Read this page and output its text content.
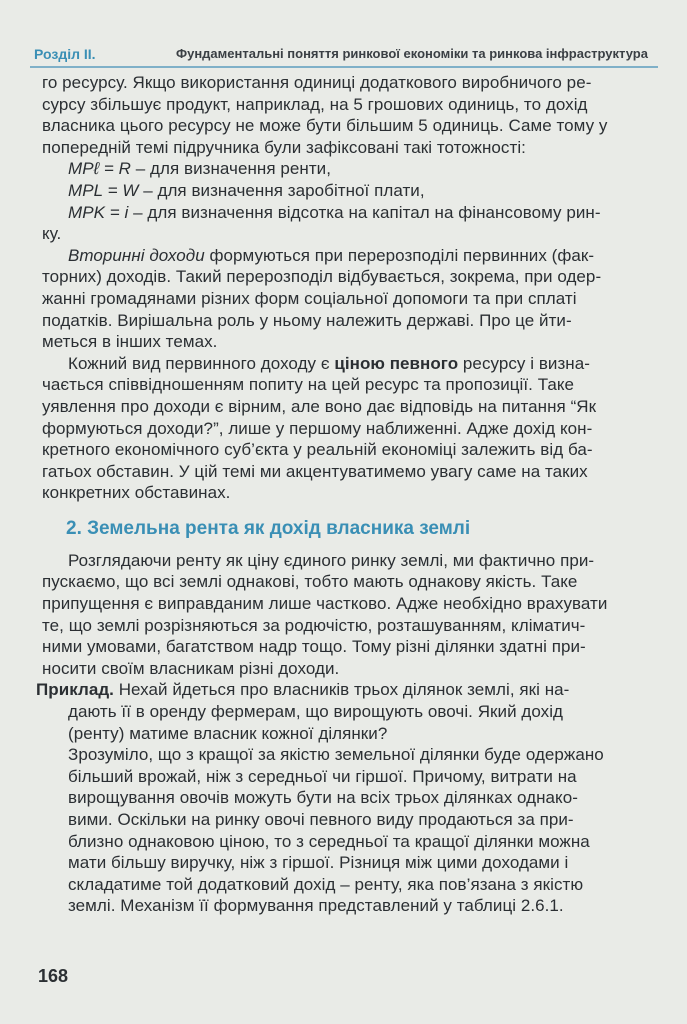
Розділ II.	Фундаментальні поняття ринкової економіки та ринкова інфраструктура
го ресурсу. Якщо використання одиниці додаткового виробничого ре-
сурсу збільшує продукт, наприклад, на 5 грошових одиниць, то дохід
власника цього ресурсу не може бути більшим 5 одиниць. Саме тому у
попередній темі підручника були зафіксовані такі тотожності:
MPℓ = R – для визначення ренти,
MPL = W – для визначення заробітної плати,
MPK = i – для визначення відсотка на капітал на фінансовому рин-
ку.
Вторинні доходи формуються при перерозподілі первинних (фак-
торних) доходів. Такий перерозподіл відбувається, зокрема, при одер-
жанні громадянами різних форм соціальної допомоги та при сплаті
податків. Вирішальна роль у ньому належить державі. Про це йти-
меться в інших темах.
Кожний вид первинного доходу є ціною певного ресурсу і визна-
чається співвідношенням попиту на цей ресурс та пропозиції. Таке
уявлення про доходи є вірним, але воно дає відповідь на питання “Як
формуються доходи?”, лише у першому наближенні. Адже дохід кон-
кретного економічного суб’єкта у реальній економіці залежить від ба-
гатьох обставин. У цій темі ми акцентуватимемо увагу саме на таких
конкретних обставинах.
2. Земельна рента як дохід власника землі
Розглядаючи ренту як ціну єдиного ринку землі, ми фактично при-
пускаємо, що всі землі однакові, тобто мають однакову якість. Таке
припущення є виправданим лише частково. Адже необхідно врахувати
те, що землі розрізняються за родючістю, розташуванням, кліматич-
ними умовами, багатством надр тощо. Тому різні ділянки здатні при-
носити своїм власникам різні доходи.
Приклад. Нехай йдеться про власників трьох ділянок землі, які на-
дають її в оренду фермерам, що вирощують овочі. Який дохід
(ренту) матиме власник кожної ділянки?
Зрозуміло, що з кращої за якістю земельної ділянки буде одержано
більший врожай, ніж з середньої чи гіршої. Причому, витрати на
вирощування овочів можуть бути на всіх трьох ділянках однако-
вими. Оскільки на ринку овочі певного виду продаються за при-
близно однаковою ціною, то з середньої та кращої ділянки можна
мати більшу виручку, ніж з гіршої. Різниця між цими доходами і
складатиме той додатковий дохід – ренту, яка пов’язана з якістю
землі. Механізм її формування представлений у таблиці 2.6.1.
168
